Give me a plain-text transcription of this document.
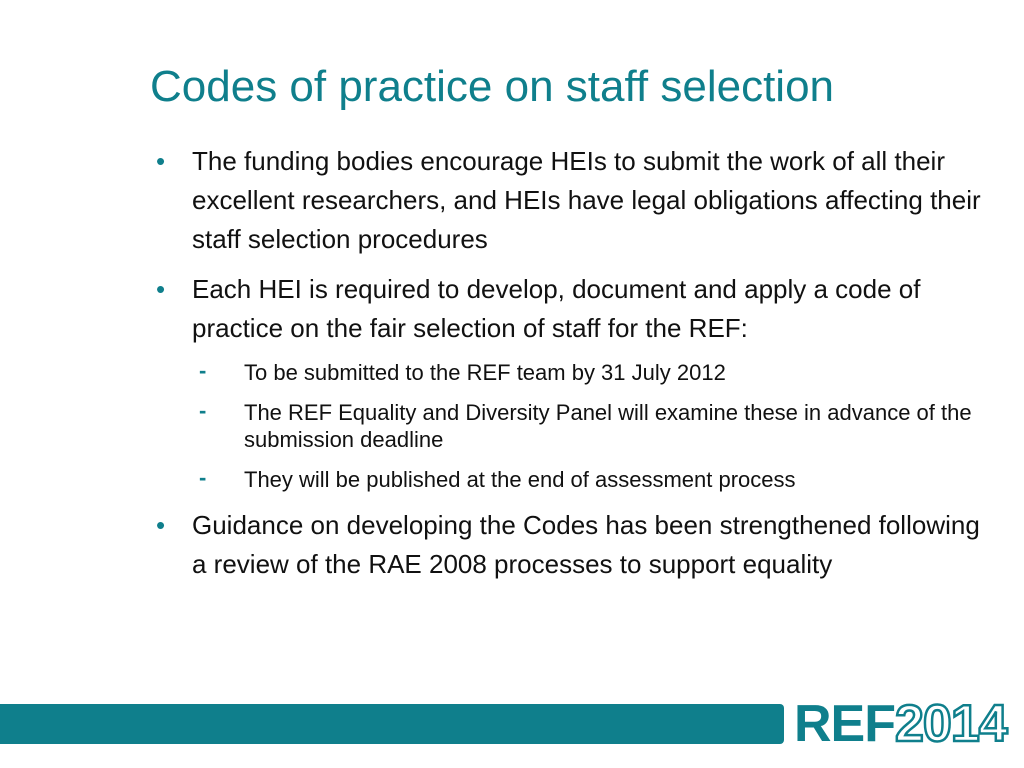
Codes of practice on staff selection
• The funding bodies encourage HEIs to submit the work of all their excellent researchers, and HEIs have legal obligations affecting their staff selection procedures
• Each HEI is required to develop, document and apply a code of practice on the fair selection of staff for the REF:
- To be submitted to the REF team by 31 July 2012
- The REF Equality and Diversity Panel will examine these in advance of the submission deadline
- They will be published at the end of assessment process
• Guidance on developing the Codes has been strengthened following a review of the RAE 2008 processes to support equality
REF2014
